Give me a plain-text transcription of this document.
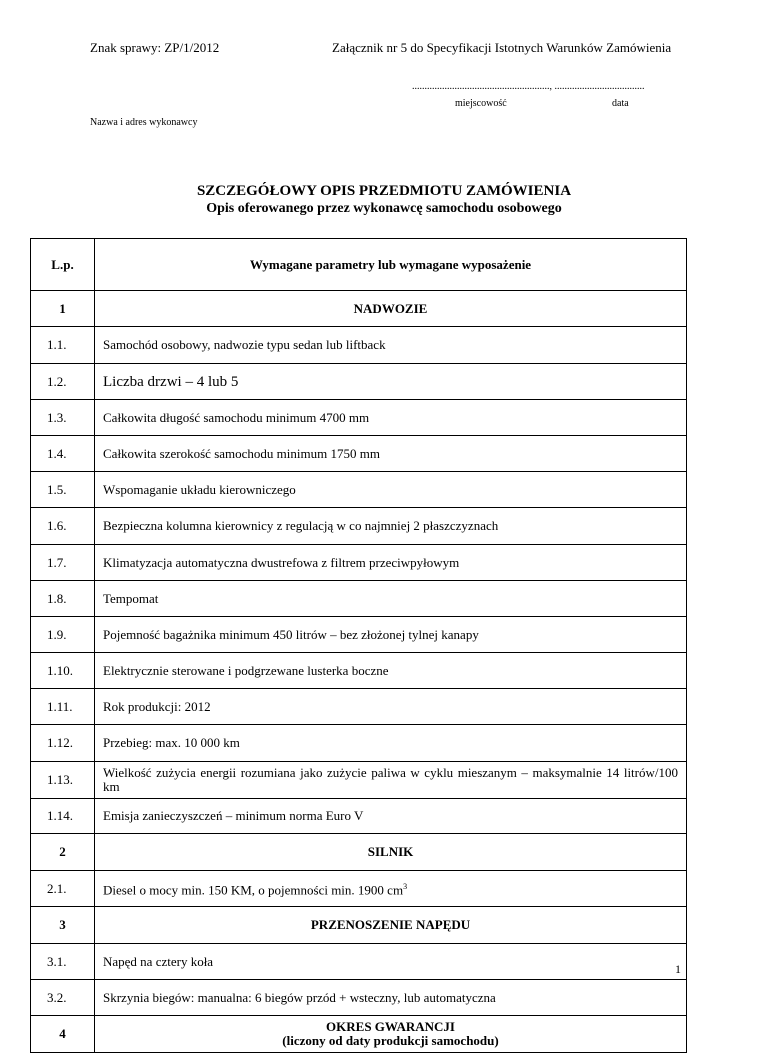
Znak sprawy: ZP/1/2012	Załącznik nr 5 do Specyfikacji Istotnych Warunków Zamówienia
......................................................., ....................................
miejscowość	data
Nazwa i adres wykonawcy
SZCZEGÓŁOWY OPIS PRZEDMIOTU ZAMÓWIENIA
Opis oferowanego przez wykonawcę samochodu osobowego
L.p.	Wymagane parametry lub wymagane wyposażenie
1	NADWOZIE
1.1.	Samochód osobowy, nadwozie typu sedan lub liftback
1.2.	Liczba drzwi – 4 lub 5
1.3.	Całkowita długość samochodu minimum 4700 mm
1.4.	Całkowita szerokość samochodu minimum 1750 mm
1.5.	Wspomaganie układu kierowniczego
1.6.	Bezpieczna kolumna kierownicy z regulacją w co najmniej 2 płaszczyznach
1.7.	Klimatyzacja automatyczna dwustrefowa z filtrem przeciwpyłowym
1.8.	Tempomat
1.9.	Pojemność bagażnika minimum 450 litrów – bez złożonej tylnej kanapy
1.10.	Elektrycznie sterowane i podgrzewane lusterka boczne
1.11.	Rok produkcji: 2012
1.12.	Przebieg: max. 10 000 km
1.13.	Wielkość zużycia energii rozumiana jako zużycie paliwa w cyklu mieszanym – maksymalnie 14 litrów/100 km
1.14.	Emisja zanieczyszczeń – minimum norma Euro V
2	SILNIK
2.1.	Diesel o mocy min. 150 KM, o pojemności min. 1900 $cm^3$
3	PRZENOSZENIE NAPĘDU
3.1.	Napęd na cztery koła
3.2.	Skrzynia biegów: manualna: 6 biegów przód + wsteczny, lub automatyczna
4	OKRES GWARANCJI
(liczony od daty produkcji samochodu)
1
